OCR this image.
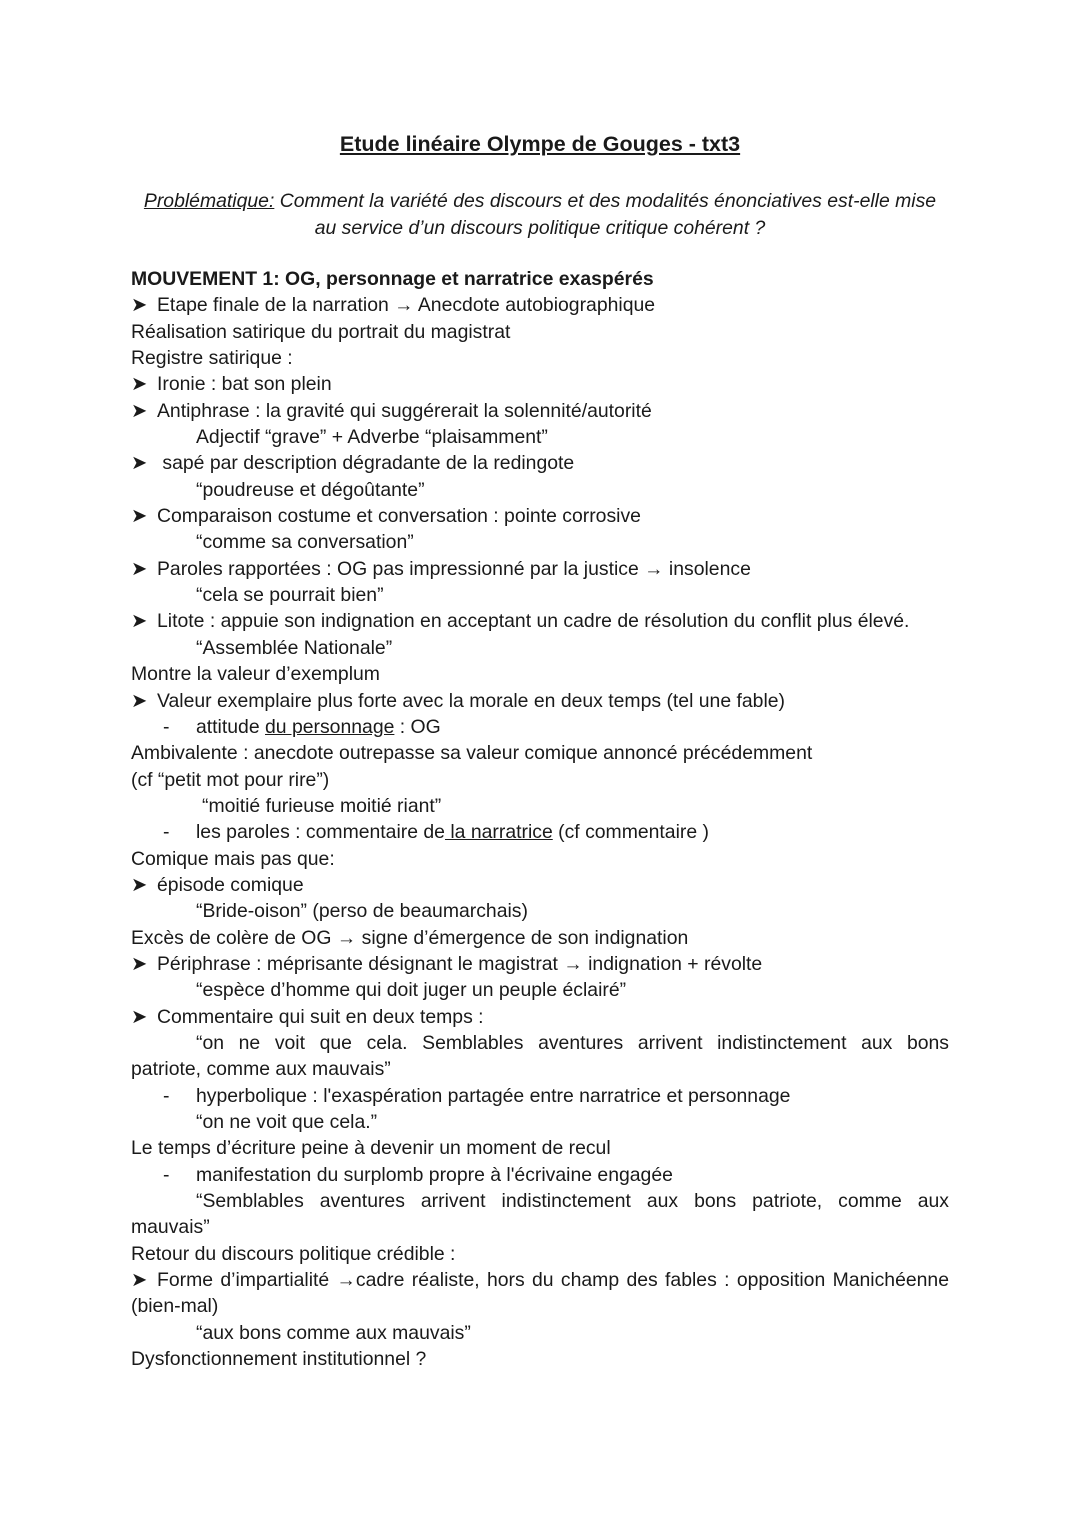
Etude linéaire Olympe de Gouges - txt3
Problématique: Comment la variété des discours et des modalités énonciatives est-elle mise
au service d’un discours politique critique cohérent ?
MOUVEMENT 1: OG, personnage et narratrice exaspérés
➤ Etape finale de la narration → Anecdote autobiographique
Réalisation satirique du portrait du magistrat
Registre satirique :
➤ Ironie : bat son plein
➤ Antiphrase : la gravité qui suggérerait la solennité/autorité
Adjectif “grave” + Adverbe “plaisamment”
➤ sapé par description dégradante de la redingote
“poudreuse et dégoûtante”
➤ Comparaison costume et conversation : pointe corrosive
“comme sa conversation”
➤ Paroles rapportées : OG pas impressionné par la justice → insolence
“cela se pourrait bien”
➤ Litote : appuie son indignation en acceptant un cadre de résolution du conflit plus élevé.
“Assemblée Nationale”
Montre la valeur d’exemplum
➤ Valeur exemplaire plus forte avec la morale en deux temps (tel une fable)
- attitude du personnage : OG
Ambivalente : anecdote outrepasse sa valeur comique annoncé précédemment
(cf “petit mot pour rire”)
“moitié furieuse moitié riant”
- les paroles : commentaire de la narratrice (cf commentaire )
Comique mais pas que:
➤ épisode comique
“Bride-oison” (perso de beaumarchais)
Excès de colère de OG → signe d’émergence de son indignation
➤ Périphrase : méprisante désignant le magistrat → indignation + révolte
“espèce d’homme qui doit juger un peuple éclairé”
➤ Commentaire qui suit en deux temps :
“on ne voit que cela. Semblables aventures arrivent indistinctement aux bons
patriote, comme aux mauvais”
- hyperbolique : l'exaspération partagée entre narratrice et personnage
“on ne voit que cela.”
Le temps d’écriture peine à devenir un moment de recul
- manifestation du surplomb propre à l'écrivaine engagée
“Semblables aventures arrivent indistinctement aux bons patriote, comme aux
mauvais”
Retour du discours politique crédible :
➤ Forme d’impartialité →cadre réaliste, hors du champ des fables : opposition Manichéenne
(bien-mal)
“aux bons comme aux mauvais”
Dysfonctionnement institutionnel ?
